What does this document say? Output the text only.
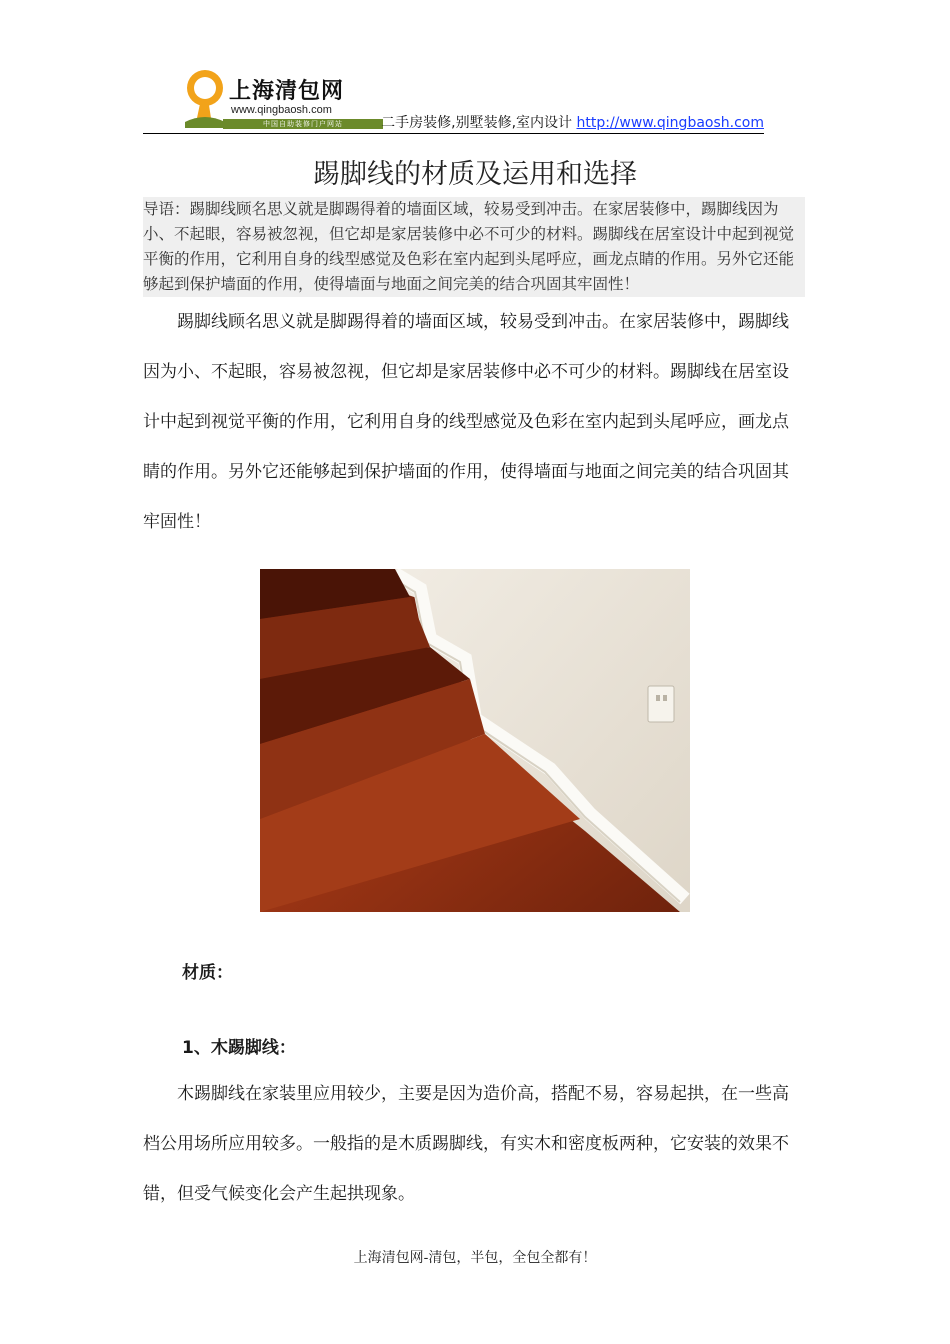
上海清包网
www.qingbaosh.com
中国自助装修门户网站	二手房装修,别墅装修,室内设计 http://www.qingbaosh.com
踢脚线的材质及运用和选择
导语：踢脚线顾名思义就是脚踢得着的墙面区域，较易受到冲击。在家居装修中，踢脚线因为小、不起眼，容易被忽视，但它却是家居装修中必不可少的材料。踢脚线在居室设计中起到视觉平衡的作用，它利用自身的线型感觉及色彩在室内起到头尾呼应，画龙点睛的作用。另外它还能够起到保护墙面的作用，使得墙面与地面之间完美的结合巩固其牢固性！
踢脚线顾名思义就是脚踢得着的墙面区域，较易受到冲击。在家居装修中，踢脚线因为小、不起眼，容易被忽视，但它却是家居装修中必不可少的材料。踢脚线在居室设计中起到视觉平衡的作用，它利用自身的线型感觉及色彩在室内起到头尾呼应，画龙点睛的作用。另外它还能够起到保护墙面的作用，使得墙面与地面之间完美的结合巩固其牢固性！
材质：
1、木踢脚线：
木踢脚线在家装里应用较少，主要是因为造价高，搭配不易，容易起拱，在一些高档公用场所应用较多。一般指的是木质踢脚线，有实木和密度板两种，它安装的效果不错，但受气候变化会产生起拱现象。
上海清包网-清包，半包，全包全都有！
